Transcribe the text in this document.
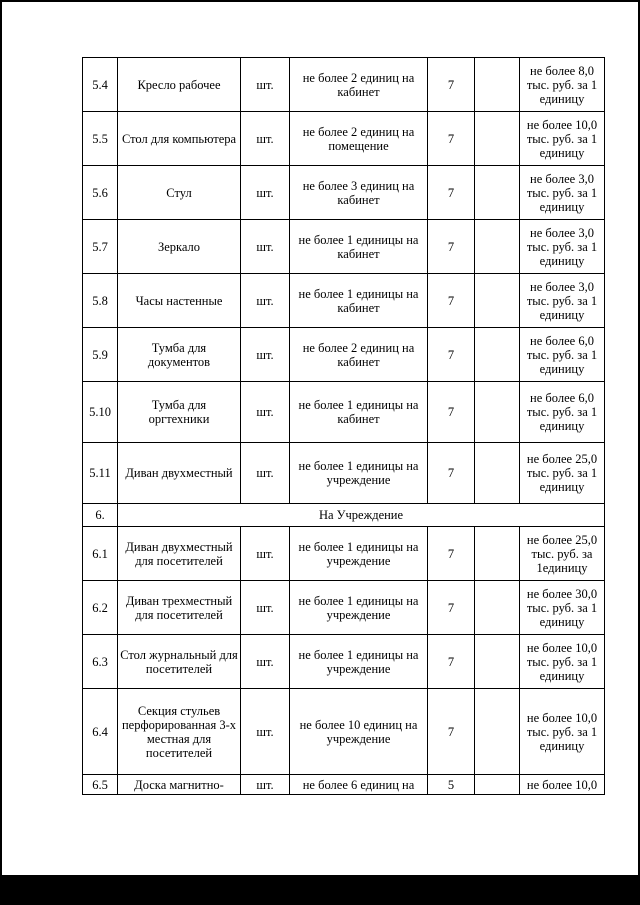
5.4	Кресло рабочее	шт.	не более 2 единиц на кабинет	7		не более 8,0 тыс. руб. за 1 единицу
5.5	Стол для компьютера	шт.	не более 2 единиц на помещение	7		не более 10,0 тыс. руб. за 1 единицу
5.6	Стул	шт.	не более 3 единиц на кабинет	7		не более 3,0 тыс. руб. за 1 единицу
5.7	Зеркало	шт.	не более 1 единицы на кабинет	7		не более 3,0 тыс. руб. за 1 единицу
5.8	Часы настенные	шт.	не более 1 единицы на кабинет	7		не более 3,0 тыс. руб. за 1 единицу
5.9	Тумба для документов	шт.	не более 2 единиц на кабинет	7		не более 6,0 тыс. руб. за 1 единицу
5.10	Тумба для оргтехники	шт.	не более 1 единицы на кабинет	7		не более 6,0 тыс. руб. за 1 единицу
5.11	Диван двухместный	шт.	не более 1 единицы на учреждение	7		не более 25,0 тыс. руб. за 1 единицу
6.	На Учреждение					
6.1	Диван двухместный для посетителей	шт.	не более 1 единицы на учреждение	7		не более 25,0 тыс. руб. за 1единицу
6.2	Диван трехместный для посетителей	шт.	не более 1 единицы на учреждение	7		не более 30,0 тыс. руб. за 1 единицу
6.3	Стол журнальный для посетителей	шт.	не более 1 единицы на учреждение	7		не более 10,0 тыс. руб. за 1 единицу
6.4	Секция стульев перфорированная 3-х местная для посетителей	шт.	не более 10 единиц на учреждение	7		не более 10,0 тыс. руб. за 1 единицу
6.5	Доска магнитно-	шт.	не более 6 единиц на	5		не более 10,0
